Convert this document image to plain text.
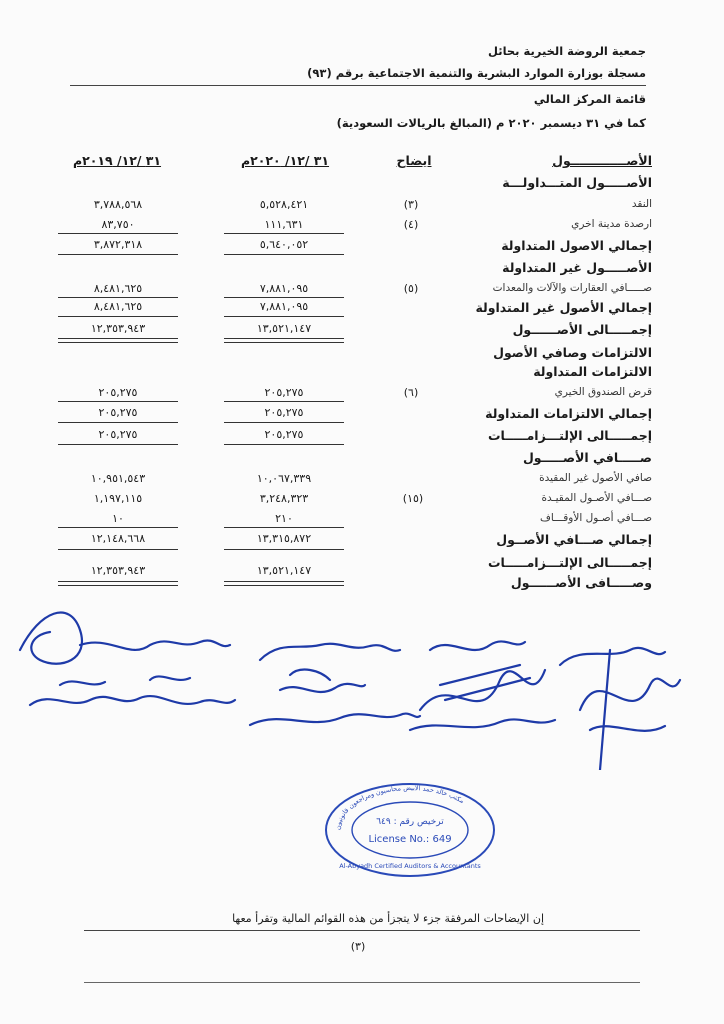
جمعية الروضة الخيرية بحائل
مسجلة بوزارة الموارد البشرية والتنمية الاجتماعية برقم (٩٣)
قائمة المركز المالي
كما في ٣١ ديسمبر ٢٠٢٠ م (المبالغ بالريالات السعودية)
الأصـــــــــــــول
ايضاح
٣١ /١٢/ ٢٠٢٠م
٣١ /١٢/ ٢٠١٩م
الأصـــــول المتـــداولـــة
النقد
(٣)
٥,٥٢٨,٤٢١
٣,٧٨٨,٥٦٨
ارصدة مدينة اخري
(٤)
١١١,٦٣١
٨٣,٧٥٠
إجمالي الاصول المتداولة
٥,٦٤٠,٠٥٢
٣,٨٧٢,٣١٨
الأصـــــول غير المتداولة
صـــــافي العقارات والآلات والمعدات
(٥)
٧,٨٨١,٠٩٥
٨,٤٨١,٦٢٥
إجمالي الأصول غير المتداولة
٧,٨٨١,٠٩٥
٨,٤٨١,٦٢٥
إجمـــــالى الأصــــــول
١٣,٥٢١,١٤٧
١٢,٣٥٣,٩٤٣
الالتزامات وصافي الأصول
الالتزامات المتداولة
قرض الصندوق الخيري
(٦)
٢٠٥,٢٧٥
٢٠٥,٢٧٥
إجمالي الالتزامات المتداولة
٢٠٥,٢٧٥
٢٠٥,٢٧٥
إجمـــــالى الإلتـــزامـــــات
٢٠٥,٢٧٥
٢٠٥,٢٧٥
صـــــافي الأصـــــول
صافي الأصول غير المقيدة
١٠,٠٦٧,٣٣٩
١٠,٩٥١,٥٤٣
صـــافي الأصـول المقيـدة
(١٥)
٣,٢٤٨,٣٢٣
١,١٩٧,١١٥
صـــافي أصـول الأوقـــاف
٢١٠
١٠
إجمالي صـــافي الأصــول
١٣,٣١٥,٨٧٢
١٢,١٤٨,٦٦٨
إجمـــــالى الإلتـــزامـــــات
وصـــــافى الأصــــــول
١٣,٥٢١,١٤٧
١٢,٣٥٣,٩٤٣
مكتب خالد حمد الابيض محاسبون ومراجعون قانونيون
ترخيص رقم : ٦٤٩
License No.: 649
Al-Abyadh Certified Auditors & Accountants
إن الإيضاحات المرفقة جزء لا يتجزأ من هذه القوائم المالية وتقرأ معها
(٣)
